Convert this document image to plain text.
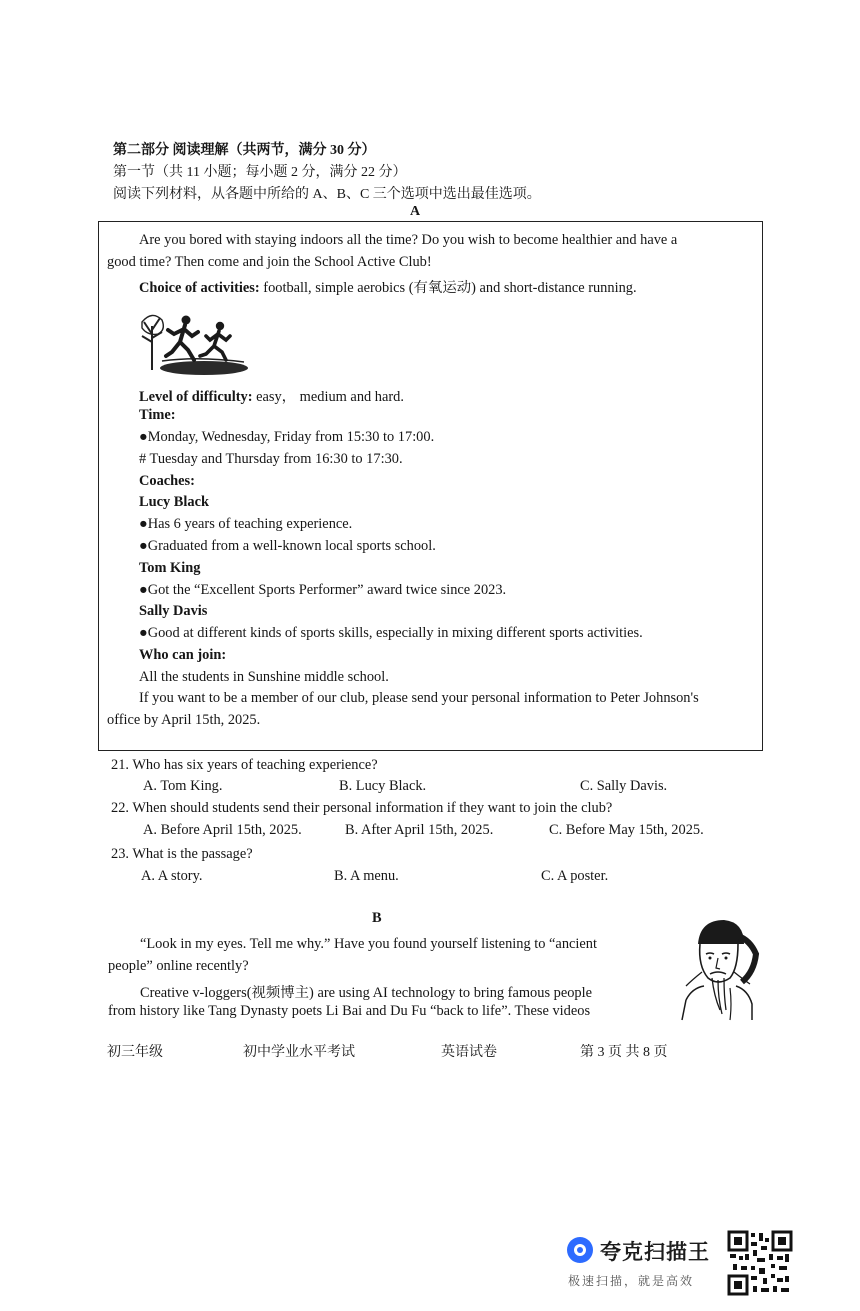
第二部分 阅读理解（共两节，满分 30 分）
第一节（共 11 小题；每小题 2 分，满分 22 分）
阅读下列材料，从各题中所给的 A、B、C 三个选项中选出最佳选项。
A
Are you bored with staying indoors all the time? Do you wish to become healthier and have a
good time? Then come and join the School Active Club!
Choice of activities: football, simple aerobics (有氧运动) and short-distance running.
Level of difficulty: easy， medium and hard.
Time:
●Monday, Wednesday, Friday from 15:30 to 17:00.
# Tuesday and Thursday from 16:30 to 17:30.
Coaches:
Lucy Black
●Has 6 years of teaching experience.
●Graduated from a well-known local sports school.
Tom King
●Got the “Excellent Sports Performer” award twice since 2023.
Sally Davis
●Good at different kinds of sports skills, especially in mixing different sports activities.
Who can join:
All the students in Sunshine middle school.
If you want to be a member of our club, please send your personal information to Peter Johnson's
office by April 15th, 2025.
21. Who has six years of teaching experience?
A. Tom King.	B. Lucy Black.	C. Sally Davis.
22. When should students send their personal information if they want to join the club?
A. Before April 15th, 2025.	B. After April 15th, 2025.	C. Before May 15th, 2025.
23. What is the passage?
A. A story.	B. A menu.	C. A poster.
B
“Look in my eyes. Tell me why.” Have you found yourself listening to “ancient
people” online recently?
Creative v-loggers(视频博主) are using AI technology to bring famous people
from history like Tang Dynasty poets Li Bai and Du Fu “back to life”. These videos
初三年级	初中学业水平考试	英语试卷	第 3 页 共 8 页
夸克扫描王
极速扫描，就是高效
